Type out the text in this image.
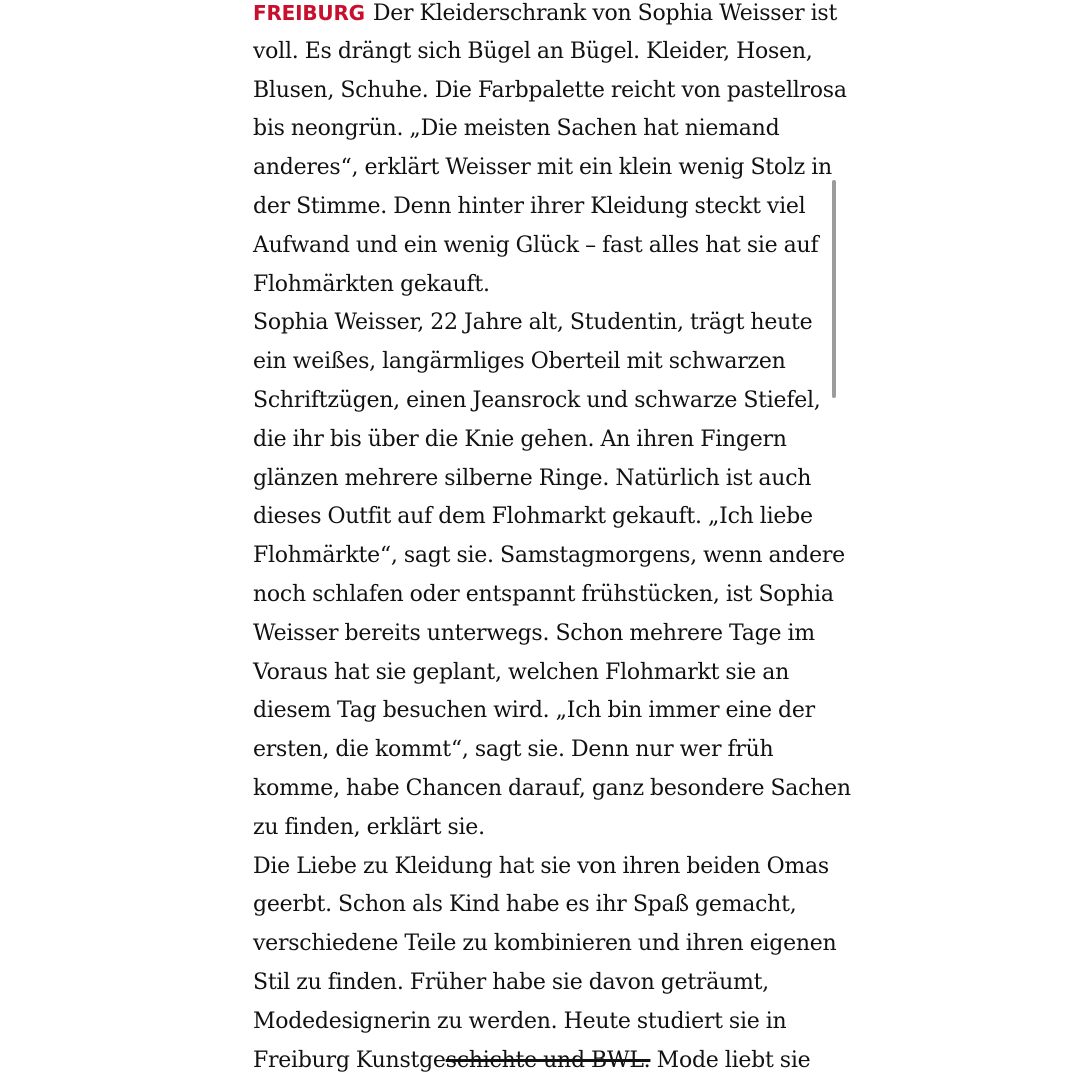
FREIBURG Der Kleiderschrank von Sophia Weisser ist
voll. Es drängt sich Bügel an Bügel. Kleider, Hosen,
Blusen, Schuhe. Die Farbpalette reicht von pastellrosa
bis neongrün. „Die meisten Sachen hat niemand
anderes“, erklärt Weisser mit ein klein wenig Stolz in
der Stimme. Denn hinter ihrer Kleidung steckt viel
Aufwand und ein wenig Glück – fast alles hat sie auf
Flohmärkten gekauft.
Sophia Weisser, 22 Jahre alt, Studentin, trägt heute
ein weißes, langärmliges Oberteil mit schwarzen
Schriftzügen, einen Jeansrock und schwarze Stiefel,
die ihr bis über die Knie gehen. An ihren Fingern
glänzen mehrere silberne Ringe. Natürlich ist auch
dieses Outfit auf dem Flohmarkt gekauft. „Ich liebe
Flohmärkte“, sagt sie. Samstagmorgens, wenn andere
noch schlafen oder entspannt frühstücken, ist Sophia
Weisser bereits unterwegs. Schon mehrere Tage im
Voraus hat sie geplant, welchen Flohmarkt sie an
diesem Tag besuchen wird. „Ich bin immer eine der
ersten, die kommt“, sagt sie. Denn nur wer früh
komme, habe Chancen darauf, ganz besondere Sachen
zu finden, erklärt sie.
Die Liebe zu Kleidung hat sie von ihren beiden Omas
geerbt. Schon als Kind habe es ihr Spaß gemacht,
verschiedene Teile zu kombinieren und ihren eigenen
Stil zu finden. Früher habe sie davon geträumt,
Modedesignerin zu werden. Heute studiert sie in
Freiburg Kunstgeschichte und BWL. Mode liebt sie
